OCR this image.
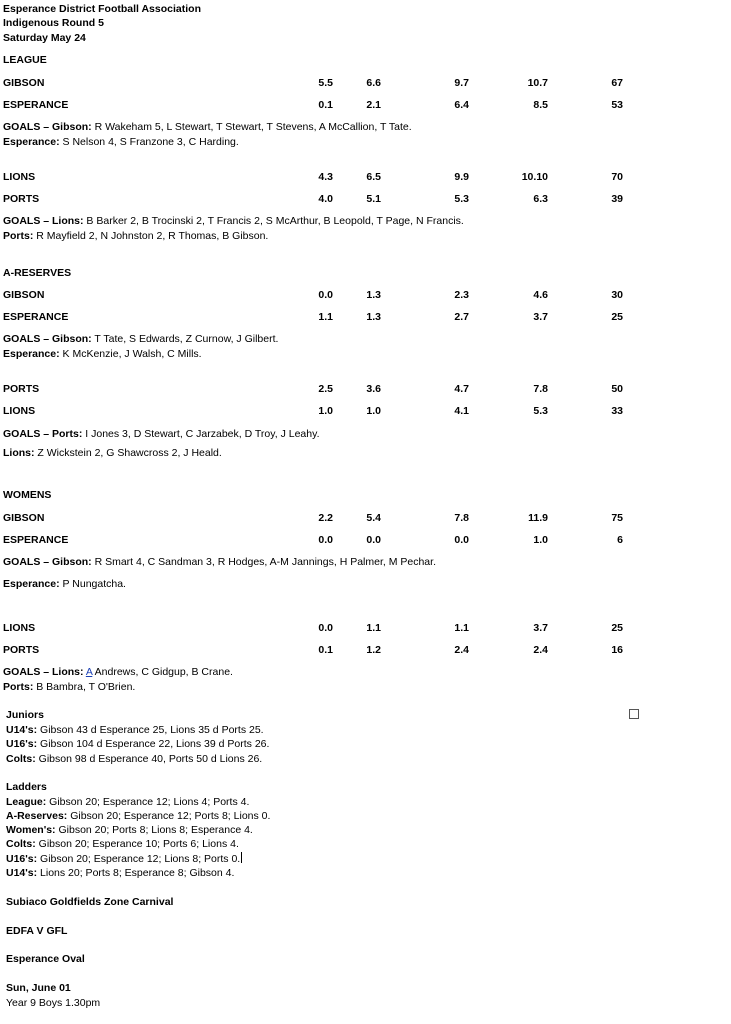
Esperance District Football Association
Indigenous Round 5
Saturday May 24
LEAGUE
GIBSON	5.5	6.6	9.7	10.7	67
ESPERANCE	0.1	2.1	6.4	8.5	53
GOALS – Gibson: R Wakeham 5, L Stewart, T Stewart, T Stevens, A McCallion, T Tate.
Esperance: S Nelson 4, S Franzone 3, C Harding.
LIONS	4.3	6.5	9.9	10.10	70
PORTS	4.0	5.1	5.3	6.3	39
GOALS – Lions: B Barker 2, B Trocinski 2, T Francis 2, S McArthur, B Leopold, T Page, N Francis.
Ports: R Mayfield 2, N Johnston 2, R Thomas, B Gibson.
A-RESERVES
GIBSON	0.0	1.3	2.3	4.6	30
ESPERANCE	1.1	1.3	2.7	3.7	25
GOALS – Gibson: T Tate, S Edwards, Z Curnow, J Gilbert.
Esperance: K McKenzie, J Walsh, C Mills.
PORTS	2.5	3.6	4.7	7.8	50
LIONS	1.0	1.0	4.1	5.3	33
GOALS – Ports: I Jones 3, D Stewart, C Jarzabek, D Troy, J Leahy.
Lions: Z Wickstein 2, G Shawcross 2, J Heald.
WOMENS
GIBSON	2.2	5.4	7.8	11.9	75
ESPERANCE	0.0	0.0	0.0	1.0	6
GOALS – Gibson: R Smart 4, C Sandman 3, R Hodges, A-M Jannings, H Palmer, M Pechar.
Esperance: P Nungatcha.
LIONS	0.0	1.1	1.1	3.7	25
PORTS	0.1	1.2	2.4	2.4	16
GOALS – Lions: A Andrews, C Gidgup, B Crane.
Ports: B Bambra, T O'Brien.
Juniors
U14's: Gibson 43 d Esperance 25, Lions 35 d Ports 25.
U16's: Gibson 104 d Esperance 22, Lions 39 d Ports 26.
Colts: Gibson 98 d Esperance 40, Ports 50 d Lions 26.
Ladders
League: Gibson 20; Esperance 12; Lions 4; Ports 4.
A-Reserves: Gibson 20; Esperance 12; Ports 8; Lions 0.
Women's: Gibson 20; Ports 8; Lions 8; Esperance 4.
Colts: Gibson 20; Esperance 10; Ports 6; Lions 4.
U16's: Gibson 20; Esperance 12; Lions 8; Ports 0.
U14's: Lions 20; Ports 8; Esperance 8; Gibson 4.
Subiaco Goldfields Zone Carnival
EDFA V GFL
Esperance Oval
Sun, June 01
Year 9 Boys 1.30pm
